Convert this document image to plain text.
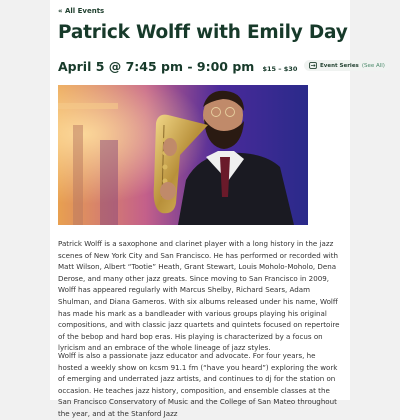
« All Events
Patrick Wolff with Emily Day
April 5 @ 7:45 pm - 9:00 pm $15 – $30	Event Series (See All)

Patrick Wolff is a saxophone and clarinet player with a long history in the jazz scenes of New York City and San Francisco. He has performed or recorded with Matt Wilson, Albert “Tootie” Heath, Grant Stewart, Louis Moholo-Moholo, Dena Derose, and many other jazz greats. Since moving to San Francisco in 2009, Wolff has appeared regularly with Marcus Shelby, Richard Sears, Adam Shulman, and Diana Gameros. With six albums released under his name, Wolff has made his mark as a bandleader with various groups playing his original compositions, and with classic jazz quartets and quintets focused on repertoire of the bebop and hard bop eras. His playing is characterized by a focus on lyricism and an embrace of the whole lineage of jazz styles.

Wolff is also a passionate jazz educator and advocate. For four years, he hosted a weekly show on kcsm 91.1 fm (“have you heard”) exploring the work of emerging and underrated jazz artists, and continues to dj for the station on occasion. He teaches jazz history, composition, and ensemble classes at the San Francisco Conservatory of Music and the College of San Mateo throughout the year, and at the Stanford Jazz
